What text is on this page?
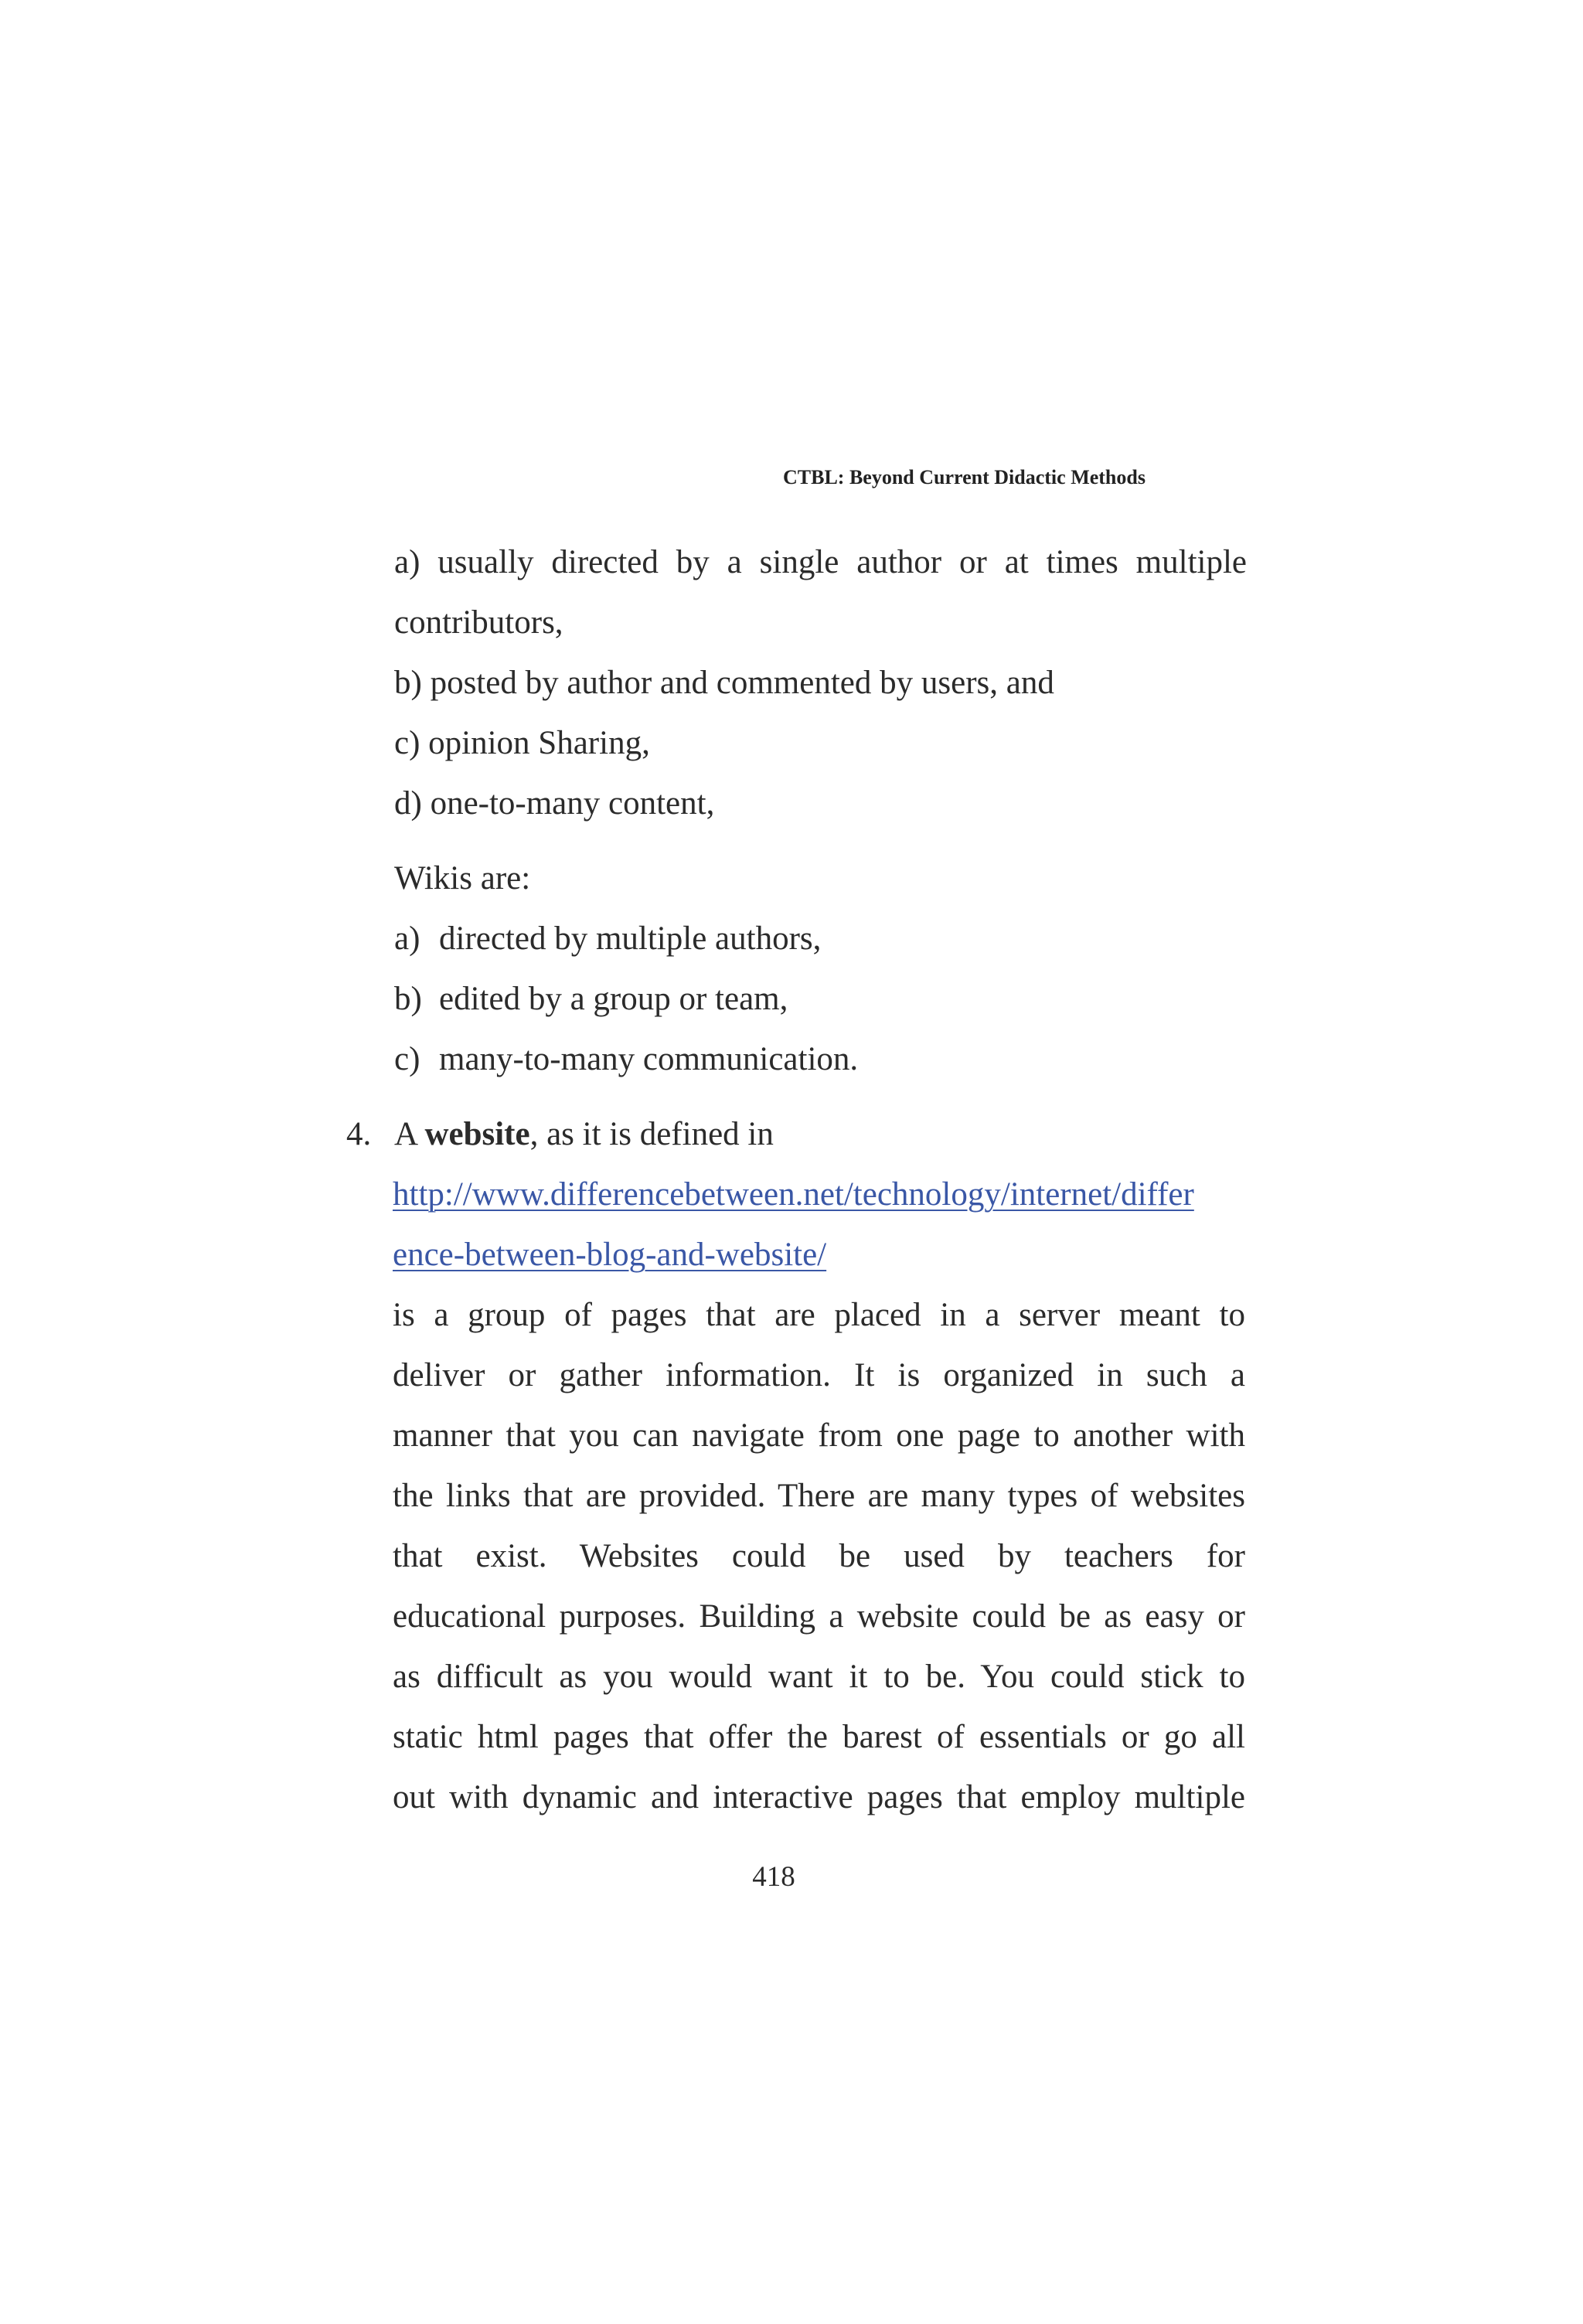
CTBL: Beyond Current Didactic Methods
a) usually directed by a single author or at times multiple
contributors,
b) posted by author and commented by users, and
c) opinion Sharing,
d) one-to-many content,
Wikis are:
a) directed by multiple authors,
b) edited by a group or team,
c) many-to-many communication.
4. A website, as it is defined in
http://www.differencebetween.net/technology/internet/differ
ence-between-blog-and-website/
is a group of pages that are placed in a server meant to
deliver or gather information. It is organized in such a
manner that you can navigate from one page to another with
the links that are provided. There are many types of websites
that exist. Websites could be used by teachers for
educational purposes. Building a website could be as easy or
as difficult as you would want it to be. You could stick to
static html pages that offer the barest of essentials or go all
out with dynamic and interactive pages that employ multiple
418
